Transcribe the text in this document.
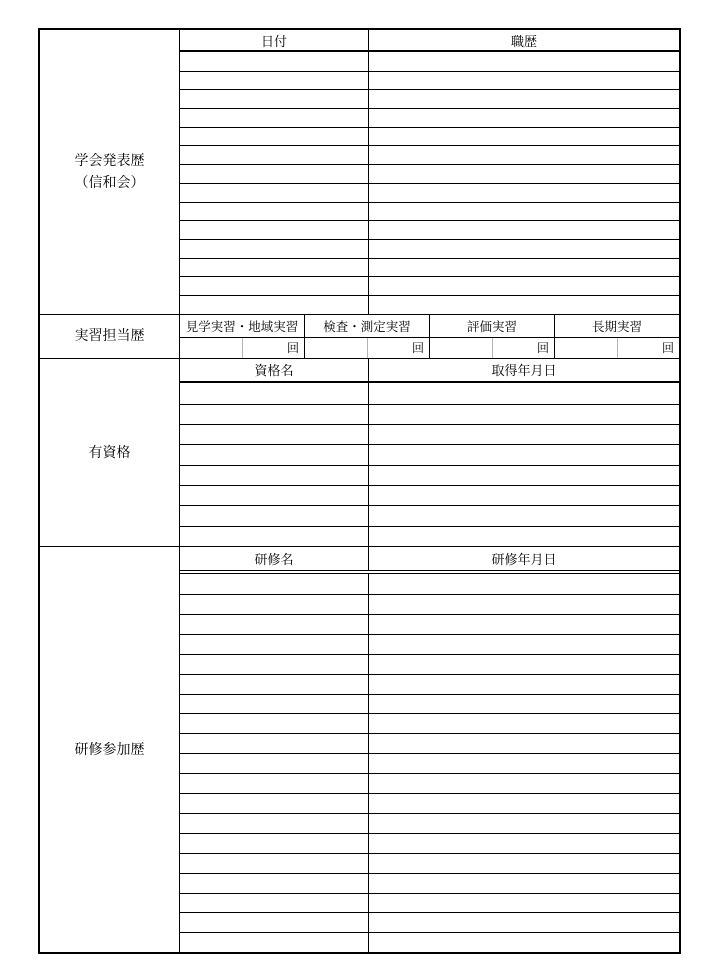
学会発表歴
（信和会）
日付	職歴
実習担当歴
見学実習・地域実習	検査・測定実習	評価実習	長期実習
回	回	回	回
有資格
資格名	取得年月日
研修参加歴
研修名	研修年月日
